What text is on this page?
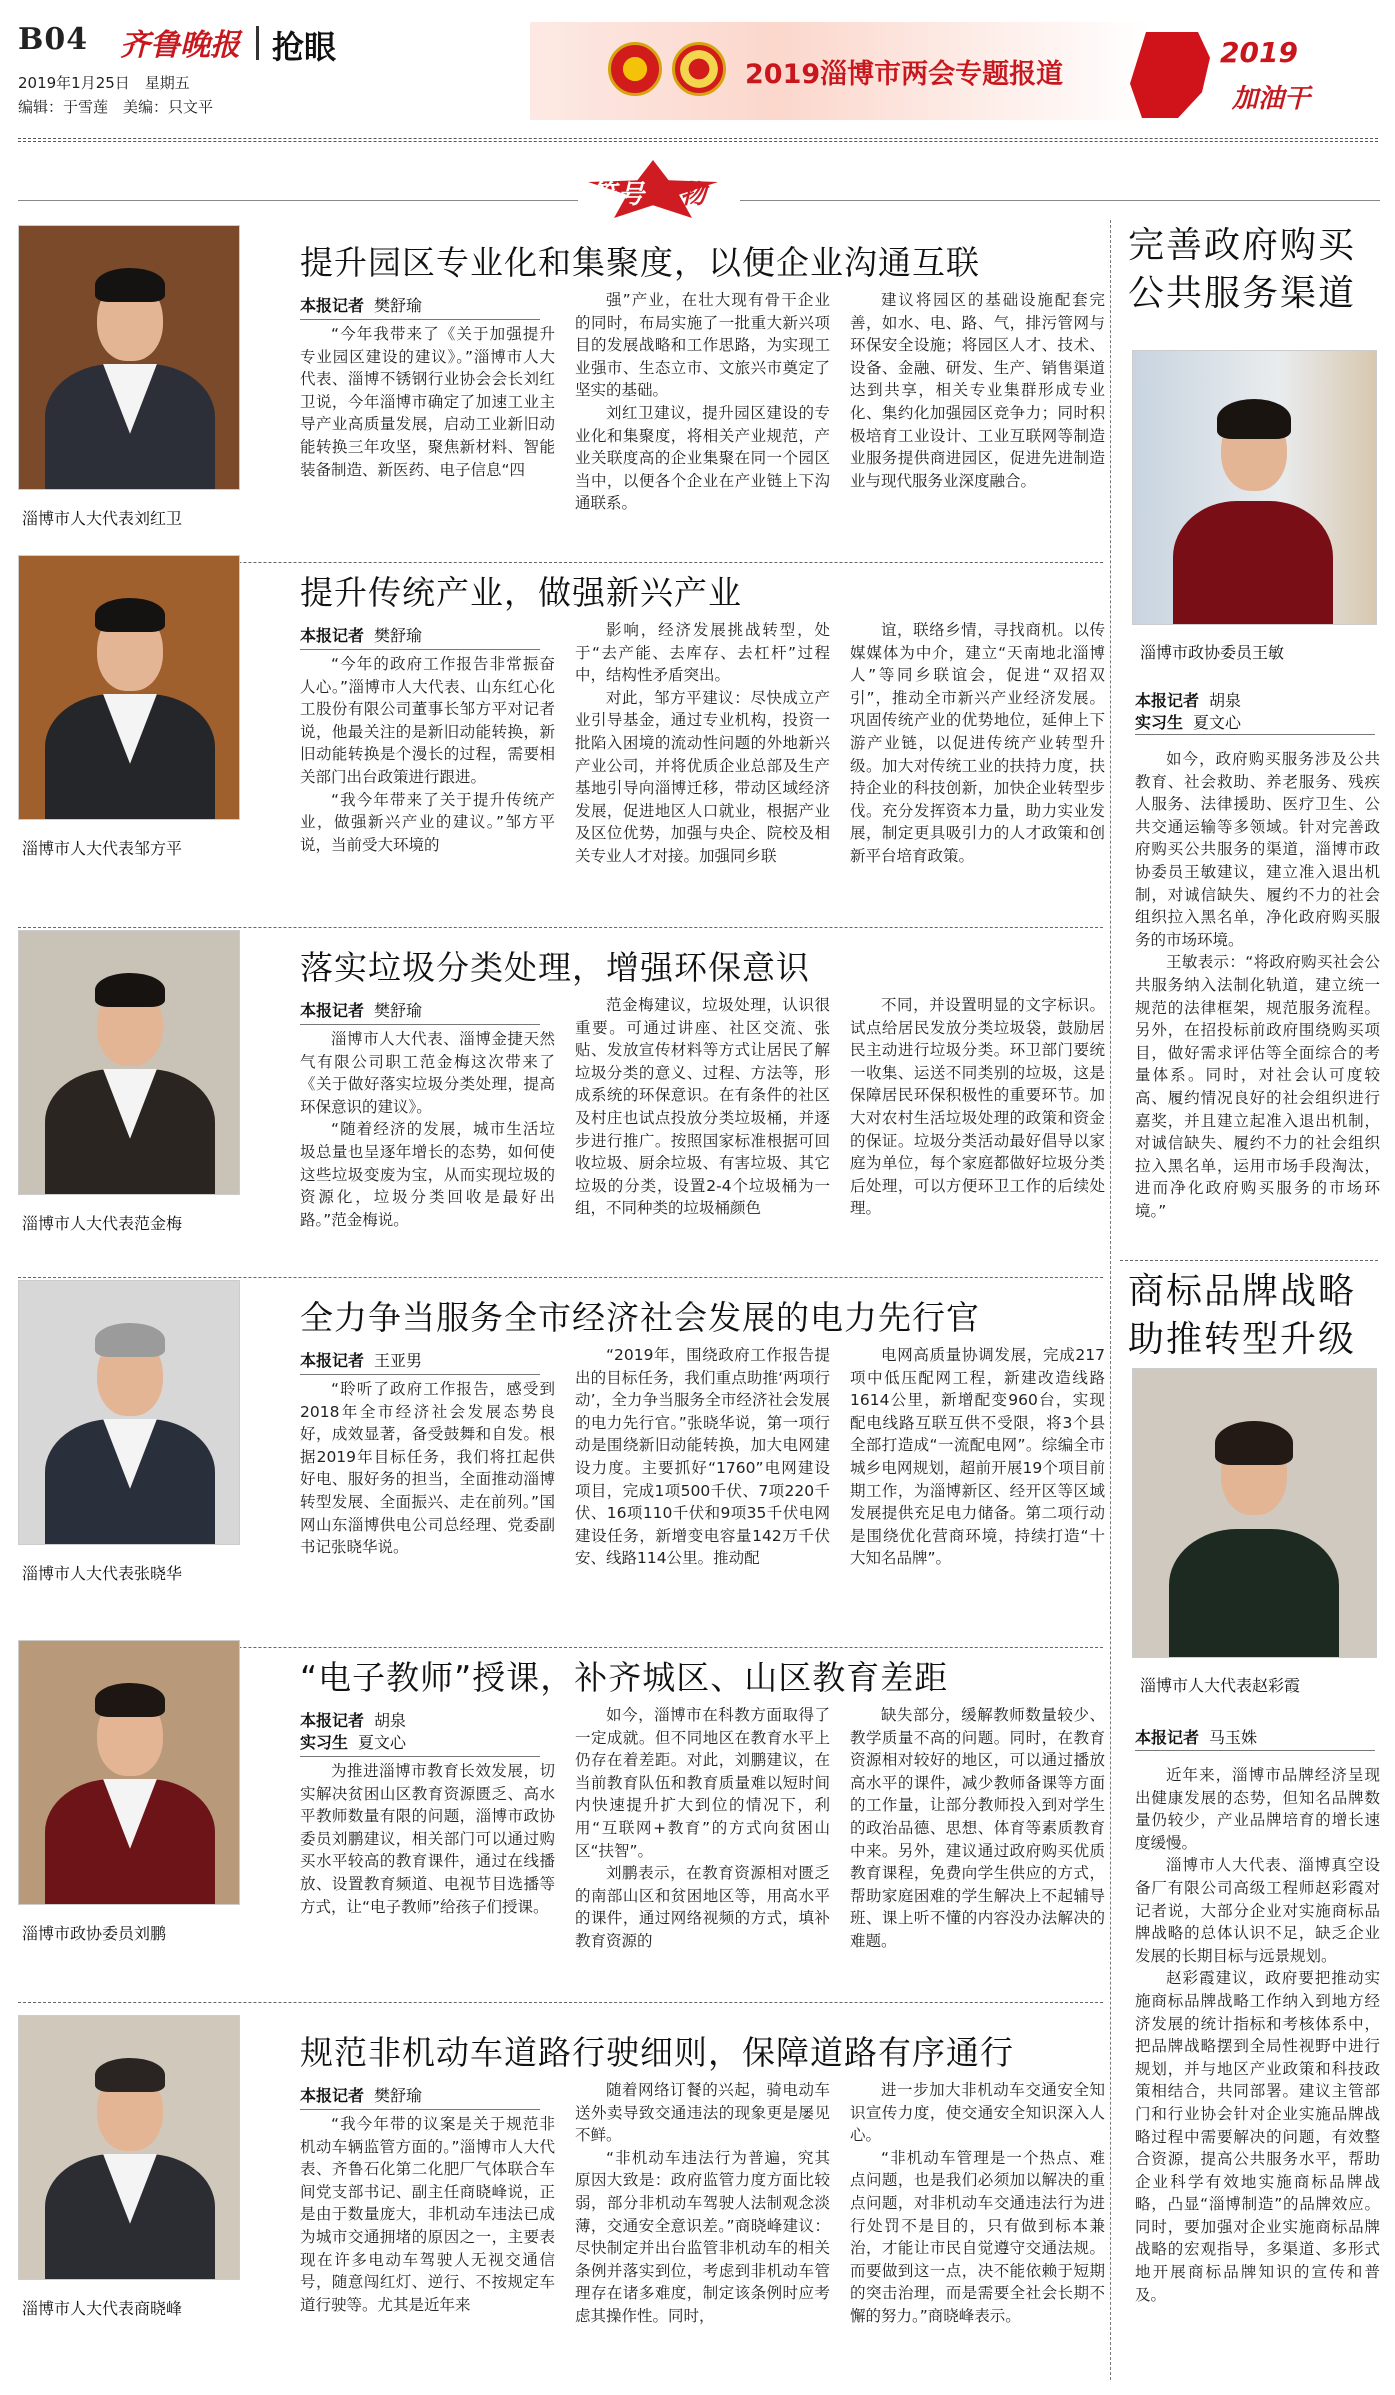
B04 齐鲁晚报 抢眼
2019年1月25日　星期五
编辑：于雪莲　美编：只文平
2019淄博市两会专题报道
2019
加油干
符号 人物
淄博市人大代表刘红卫
提升园区专业化和集聚度，以便企业沟通互联
本报记者 樊舒瑜

“今年我带来了《关于加强提升专业园区建设的建议》。”淄博市人大代表、淄博不锈钢行业协会会长刘红卫说，今年淄博市确定了加速工业主导产业高质量发展，启动工业新旧动能转换三年攻坚，聚焦新材料、智能装备制造、新医药、电子信息“四

强”产业，在壮大现有骨干企业的同时，布局实施了一批重大新兴项目的发展战略和工作思路，为实现工业强市、生态立市、文旅兴市奠定了坚实的基础。

刘红卫建议，提升园区建设的专业化和集聚度，将相关产业规范，产业关联度高的企业集聚在同一个园区当中，以便各个企业在产业链上下沟通联系。

建议将园区的基础设施配套完善，如水、电、路、气，排污管网与环保安全设施；将园区人才、技术、设备、金融、研发、生产、销售渠道达到共享，相关专业集群形成专业化、集约化加强园区竞争力；同时积极培育工业设计、工业互联网等制造业服务提供商进园区，促进先进制造业与现代服务业深度融合。

淄博市人大代表邹方平
提升传统产业，做强新兴产业
本报记者 樊舒瑜

“今年的政府工作报告非常振奋人心。”淄博市人大代表、山东红心化工股份有限公司董事长邹方平对记者说，他最关注的是新旧动能转换，新旧动能转换是个漫长的过程，需要相关部门出台政策进行跟进。

“我今年带来了关于提升传统产业，做强新兴产业的建议。”邹方平说，当前受大环境的

影响，经济发展挑战转型，处于“去产能、去库存、去杠杆”过程中，结构性矛盾突出。

对此，邹方平建议：尽快成立产业引导基金，通过专业机构，投资一批陷入困境的流动性问题的外地新兴产业公司，并将优质企业总部及生产基地引导向淄博迁移，带动区域经济发展，促进地区人口就业，根据产业及区位优势，加强与央企、院校及相关专业人才对接。加强同乡联

谊，联络乡情，寻找商机。以传媒媒体为中介，建立“天南地北淄博人”等同乡联谊会，促进“双招双引”，推动全市新兴产业经济发展。巩固传统产业的优势地位，延伸上下游产业链，以促进传统产业转型升级。加大对传统工业的扶持力度，扶持企业的科技创新，加快企业转型步伐。充分发挥资本力量，助力实业发展，制定更具吸引力的人才政策和创新平台培育政策。

淄博市人大代表范金梅
落实垃圾分类处理，增强环保意识
本报记者 樊舒瑜

淄博市人大代表、淄博金捷天然气有限公司职工范金梅这次带来了《关于做好落实垃圾分类处理，提高环保意识的建议》。

“随着经济的发展，城市生活垃圾总量也呈逐年增长的态势，如何使这些垃圾变废为宝，从而实现垃圾的资源化，垃圾分类回收是最好出路。”范金梅说。

范金梅建议，垃圾处理，认识很重要。可通过讲座、社区交流、张贴、发放宣传材料等方式让居民了解垃圾分类的意义、过程、方法等，形成系统的环保意识。在有条件的社区及村庄也试点投放分类垃圾桶，并逐步进行推广。按照国家标准根据可回收垃圾、厨余垃圾、有害垃圾、其它垃圾的分类，设置2-4个垃圾桶为一组，不同种类的垃圾桶颜色

不同，并设置明显的文字标识。试点给居民发放分类垃圾袋，鼓励居民主动进行垃圾分类。环卫部门要统一收集、运送不同类别的垃圾，这是保障居民环保积极性的重要环节。加大对农村生活垃圾处理的政策和资金的保证。垃圾分类活动最好倡导以家庭为单位，每个家庭都做好垃圾分类后处理，可以方便环卫工作的后续处理。

淄博市人大代表张晓华
全力争当服务全市经济社会发展的电力先行官
本报记者 王亚男

“聆听了政府工作报告，感受到2018年全市经济社会发展态势良好，成效显著，备受鼓舞和自发。根据2019年目标任务，我们将扛起供好电、服好务的担当，全面推动淄博转型发展、全面振兴、走在前列。”国网山东淄博供电公司总经理、党委副书记张晓华说。

“2019年，围绕政府工作报告提出的目标任务，我们重点助推‘两项行动’，全力争当服务全市经济社会发展的电力先行官。”张晓华说，第一项行动是围绕新旧动能转换，加大电网建设力度。主要抓好“1760”电网建设项目，完成1项500千伏、7项220千伏、16项110千伏和9项35千伏电网建设任务，新增变电容量142万千伏安、线路114公里。推动配

电网高质量协调发展，完成217项中低压配网工程，新建改造线路1614公里，新增配变960台，实现配电线路互联互供不受限，将3个县全部打造成“一流配电网”。综编全市城乡电网规划，超前开展19个项目前期工作，为淄博新区、经开区等区域发展提供充足电力储备。第二项行动是围绕优化营商环境，持续打造“十大知名品牌”。

淄博市政协委员刘鹏
“电子教师”授课，补齐城区、山区教育差距
本报记者 胡泉
实习生 夏文心

为推进淄博市教育长效发展，切实解决贫困山区教育资源匮乏、高水平教师数量有限的问题，淄博市政协委员刘鹏建议，相关部门可以通过购买水平较高的教育课件，通过在线播放、设置教育频道、电视节目选播等方式，让“电子教师”给孩子们授课。

如今，淄博市在科教方面取得了一定成就。但不同地区在教育水平上仍存在着差距。对此，刘鹏建议，在当前教育队伍和教育质量难以短时间内快速提升扩大到位的情况下，利用“互联网+教育”的方式向贫困山区“扶智”。

刘鹏表示，在教育资源相对匮乏的南部山区和贫困地区等，用高水平的课件，通过网络视频的方式，填补教育资源的

缺失部分，缓解教师数量较少、教学质量不高的问题。同时，在教育资源相对较好的地区，可以通过播放高水平的课件，减少教师备课等方面的工作量，让部分教师投入到对学生的政治品德、思想、体育等素质教育中来。另外，建议通过政府购买优质教育课程，免费向学生供应的方式，帮助家庭困难的学生解决上不起辅导班、课上听不懂的内容没办法解决的难题。

淄博市人大代表商晓峰
规范非机动车道路行驶细则，保障道路有序通行
本报记者 樊舒瑜

“我今年带的议案是关于规范非机动车辆监管方面的。”淄博市人大代表、齐鲁石化第二化肥厂气体联合车间党支部书记、副主任商晓峰说，正是由于数量庞大，非机动车违法已成为城市交通拥堵的原因之一，主要表现在许多电动车驾驶人无视交通信号，随意闯红灯、逆行、不按规定车道行驶等。尤其是近年来

随着网络订餐的兴起，骑电动车送外卖导致交通违法的现象更是屡见不鲜。

“非机动车违法行为普遍，究其原因大致是：政府监管力度方面比较弱，部分非机动车驾驶人法制观念淡薄，交通安全意识差。”商晓峰建议：尽快制定并出台监管非机动车的相关条例并落实到位，考虑到非机动车管理存在诸多难度，制定该条例时应考虑其操作性。同时，

进一步加大非机动车交通安全知识宣传力度，使交通安全知识深入人心。

“非机动车管理是一个热点、难点问题，也是我们必须加以解决的重点问题，对非机动车交通违法行为进行处罚不是目的，只有做到标本兼治，才能让市民自觉遵守交通法规。而要做到这一点，决不能依赖于短期的突击治理，而是需要全社会长期不懈的努力。”商晓峰表示。

完善政府购买公共服务渠道
淄博市政协委员王敏
本报记者 胡泉
实习生 夏文心

如今，政府购买服务涉及公共教育、社会救助、养老服务、残疾人服务、法律援助、医疗卫生、公共交通运输等多领域。针对完善政府购买公共服务的渠道，淄博市政协委员王敏建议，建立准入退出机制，对诚信缺失、履约不力的社会组织拉入黑名单，净化政府购买服务的市场环境。

王敏表示：“将政府购买社会公共服务纳入法制化轨道，建立统一规范的法律框架，规范服务流程。另外，在招投标前政府围绕购买项目，做好需求评估等全面综合的考量体系。同时，对社会认可度较高、履约情况良好的社会组织进行嘉奖，并且建立起准入退出机制，对诚信缺失、履约不力的社会组织拉入黑名单，运用市场手段淘汰，进而净化政府购买服务的市场环境。”

商标品牌战略助推转型升级
淄博市人大代表赵彩霞
本报记者 马玉姝

近年来，淄博市品牌经济呈现出健康发展的态势，但知名品牌数量仍较少，产业品牌培育的增长速度缓慢。

淄博市人大代表、淄博真空设备厂有限公司高级工程师赵彩霞对记者说，大部分企业对实施商标品牌战略的总体认识不足，缺乏企业发展的长期目标与远景规划。

赵彩霞建议，政府要把推动实施商标品牌战略工作纳入到地方经济发展的统计指标和考核体系中，把品牌战略摆到全局性视野中进行规划，并与地区产业政策和科技政策相结合，共同部署。建议主管部门和行业协会针对企业实施品牌战略过程中需要解决的问题，有效整合资源，提高公共服务水平，帮助企业科学有效地实施商标品牌战略，凸显“淄博制造”的品牌效应。同时，要加强对企业实施商标品牌战略的宏观指导，多渠道、多形式地开展商标品牌知识的宣传和普及。
